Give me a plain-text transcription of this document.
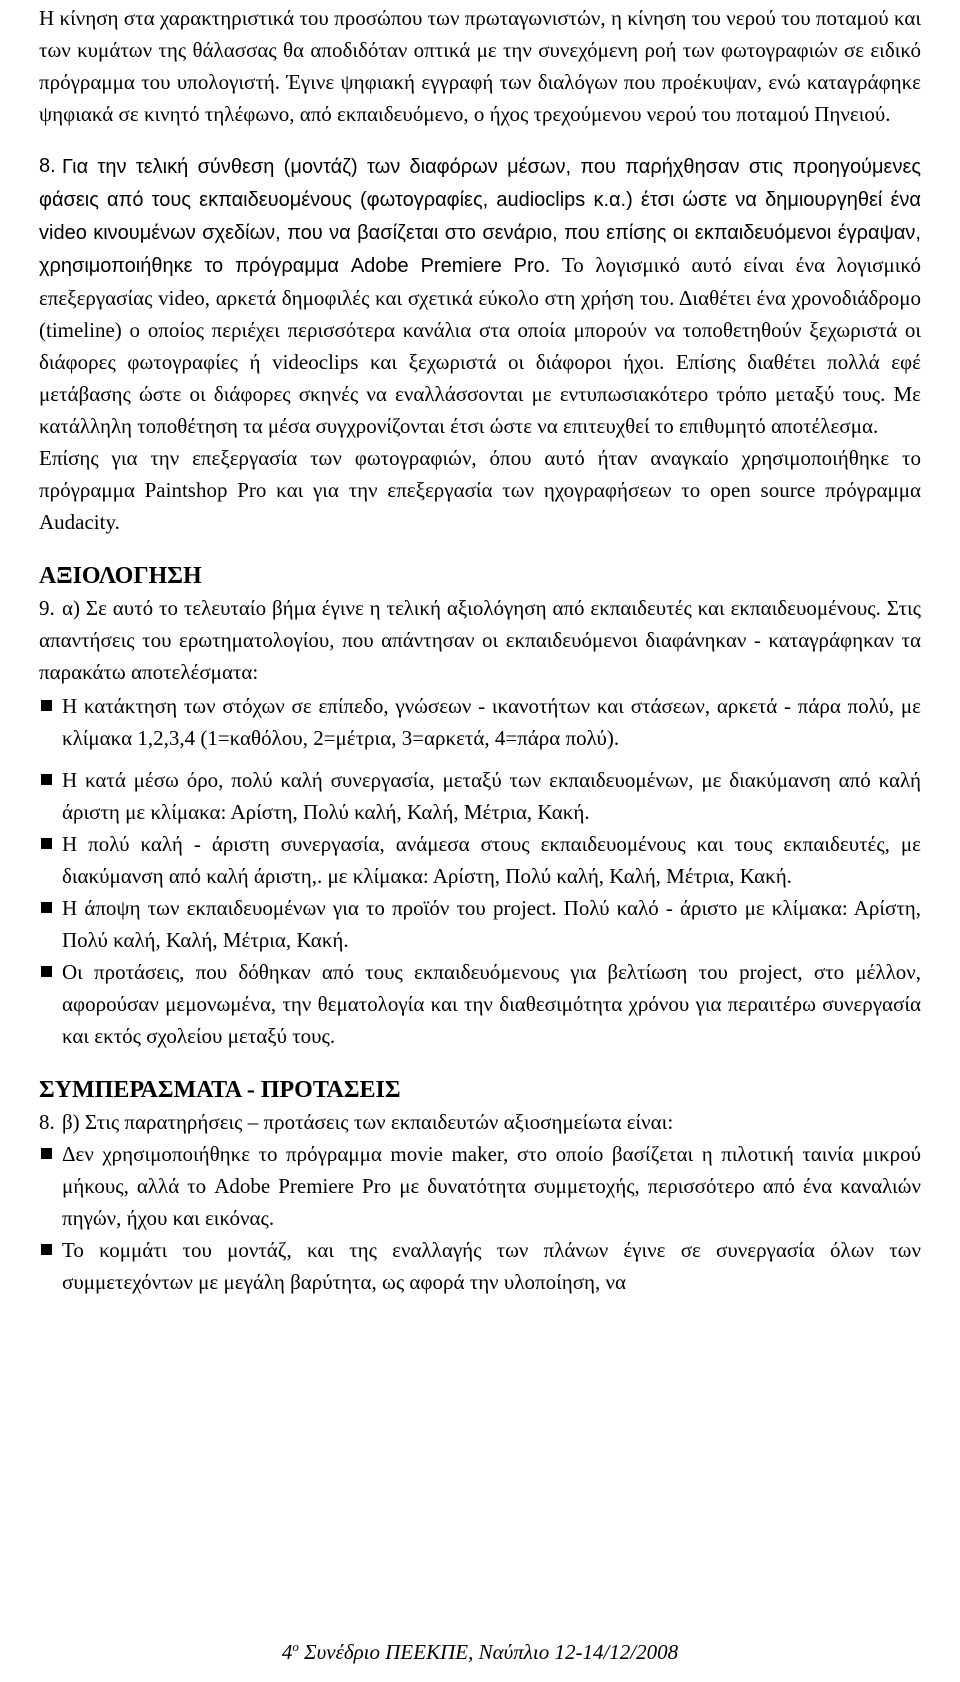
Η κίνηση στα χαρακτηριστικά του προσώπου των πρωταγωνιστών, η κίνηση του νερού του ποταμού και των κυμάτων της θάλασσας θα αποδιδόταν οπτικά με την συνεχόμενη ροή των φωτογραφιών σε ειδικό πρόγραμμα του υπολογιστή. Έγινε ψηφιακή εγγραφή των διαλόγων που προέκυψαν, ενώ καταγράφηκε ψηφιακά σε κινητό τηλέφωνο, από εκπαιδευόμενο, ο ήχος τρεχούμενου νερού του ποταμού Πηνειού.

8. Για την τελική σύνθεση (μοντάζ) των διαφόρων μέσων, που παρήχθησαν στις προηγούμενες φάσεις από τους εκπαιδευομένους (φωτογραφίες, audioclips κ.α.) έτσι ώστε να δημιουργηθεί ένα video κινουμένων σχεδίων, που να βασίζεται στο σενάριο, που επίσης οι εκπαιδευόμενοι έγραψαν, χρησιμοποιήθηκε το πρόγραμμα Adobe Premiere Pro. Το λογισμικό αυτό είναι ένα λογισμικό επεξεργασίας video, αρκετά δημοφιλές και σχετικά εύκολο στη χρήση του. Διαθέτει ένα χρονοδιάδρομο (timeline) ο οποίος περιέχει περισσότερα κανάλια στα οποία μπορούν να τοποθετηθούν ξεχωριστά οι διάφορες φωτογραφίες ή videoclips και ξεχωριστά οι διάφοροι ήχοι. Επίσης διαθέτει πολλά εφέ μετάβασης ώστε οι διάφορες σκηνές να εναλλάσσονται με εντυπωσιακότερο τρόπο μεταξύ τους. Με κατάλληλη τοποθέτηση τα μέσα συγχρονίζονται έτσι ώστε να επιτευχθεί το επιθυμητό αποτέλεσμα.

Επίσης για την επεξεργασία των φωτογραφιών, όπου αυτό ήταν αναγκαίο χρησιμοποιήθηκε το πρόγραμμα Paintshop Pro και για την επεξεργασία των ηχογραφήσεων το open source πρόγραμμα Audacity.

ΑΞΙΟΛΟΓΗΣΗ
9. α) Σε αυτό το τελευταίο βήμα έγινε η τελική αξιολόγηση από εκπαιδευτές και εκπαιδευομένους. Στις απαντήσεις του ερωτηματολογίου, που απάντησαν οι εκπαιδευόμενοι διαφάνηκαν - καταγράφηκαν τα παρακάτω αποτελέσματα:

Η κατάκτηση των στόχων σε επίπεδο, γνώσεων - ικανοτήτων και στάσεων, αρκετά - πάρα πολύ, με κλίμακα 1,2,3,4 (1=καθόλου, 2=μέτρια, 3=αρκετά, 4=πάρα πολύ).
Η κατά μέσω όρο, πολύ καλή συνεργασία, μεταξύ των εκπαιδευομένων, με διακύμανση από καλή άριστη με κλίμακα: Αρίστη, Πολύ καλή, Καλή, Μέτρια, Κακή.
Η πολύ καλή - άριστη συνεργασία, ανάμεσα στους εκπαιδευομένους και τους εκπαιδευτές, με διακύμανση από καλή άριστη,. με κλίμακα: Αρίστη, Πολύ καλή, Καλή, Μέτρια, Κακή.
Η άποψη των εκπαιδευομένων για το προϊόν του project. Πολύ καλό - άριστο με κλίμακα: Αρίστη, Πολύ καλή, Καλή, Μέτρια, Κακή.
Οι προτάσεις, που δόθηκαν από τους εκπαιδευόμενους για βελτίωση του project, στο μέλλον, αφορούσαν μεμονωμένα, την θεματολογία και την διαθεσιμότητα χρόνου για περαιτέρω συνεργασία και εκτός σχολείου μεταξύ τους.
ΣΥΜΠΕΡΑΣΜΑΤΑ - ΠΡΟΤΑΣΕΙΣ
8. β) Στις παρατηρήσεις – προτάσεις των εκπαιδευτών αξιοσημείωτα είναι:

Δεν χρησιμοποιήθηκε το πρόγραμμα movie maker, στο οποίο βασίζεται η πιλοτική ταινία μικρού μήκους, αλλά το Adobe Premiere Pro με δυνατότητα συμμετοχής, περισσότερο από ένα καναλιών πηγών, ήχου και εικόνας.
Το κομμάτι του μοντάζ, και της εναλλαγής των πλάνων έγινε σε συνεργασία όλων των συμμετεχόντων με μεγάλη βαρύτητα, ως αφορά την υλοποίηση, να
$4^o$ Συνέδριο ΠΕΕΚΠΕ, Ναύπλιο 12-14/12/2008
